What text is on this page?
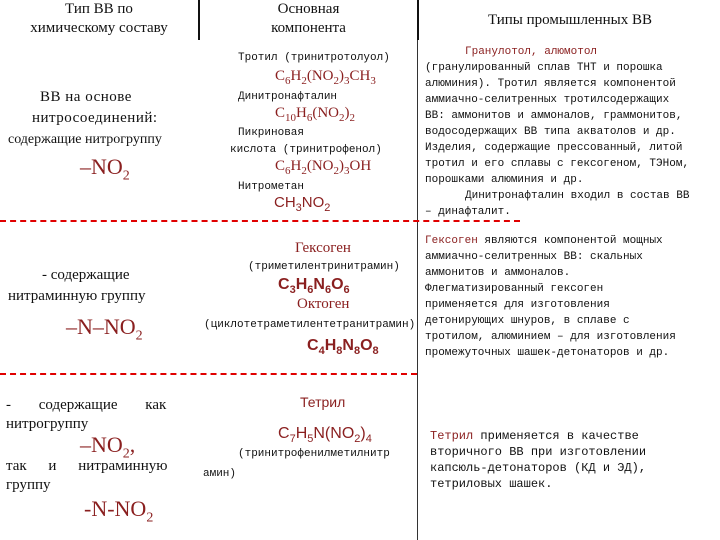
Тип ВВ по
химическому составу
Основная
компонента	Типы промышленных ВВ
ВВ на основе
нитросоединений:
содержащие нитрогруппу
$-NO_2$
Тротил (тринитротолуол)
$C_6H_2(NO_2)_3CH_3$
Динитронафталин
$C_{10}H_6(NO_2)_2$
Пикриновая
кислота (тринитрофенол)
$C_6H_2(NO_2)_3OH$
Нитрометан
$CH_3NO_2$
Гранулотол, алюмотол
(гранулированный сплав ТНТ и порошка
алюминия). Тротил является компонентой
аммиачно-селитренных тротилсодержащих
ВВ: аммонитов и аммоналов, граммонитов,
водосодержащих ВВ типа акватолов и др.
Изделия, содержащие прессованный, литой
тротил и его сплавы с гексогеном, ТЭНом,
порошками алюминия и др.
Динитронафталин входил в состав ВВ
– динафталит.
- содержащие
нитраминную группу
$-N-NO_2$
Гексоген
(триметилентринитрамин)
$C_3H_6N_6O_6$
Октоген
(циклотетраметилентетранитрамин)
$C_4H_8N_8O_8$
Гексоген являются компонентой мощных
аммиачно-селитренных ВВ: скальных
аммонитов и аммоналов.
Флегматизированный гексоген
применяется для изготовления
детонирующих шнуров, в сплаве с
тротилом, алюминием – для изготовления
промежуточных шашек-детонаторов и др.
- содержащие как
нитрогруппу
$-NO_2$,
так и нитраминную
группу
$-N-NO_2$
Тетрил
$C_7H_5N(NO_2)_4$
(тринитрофенилметилнитр
амин)
Тетрил применяется в качестве
вторичного ВВ при изготовлении
капсюль-детонаторов (КД и ЭД),
тетриловых шашек.
